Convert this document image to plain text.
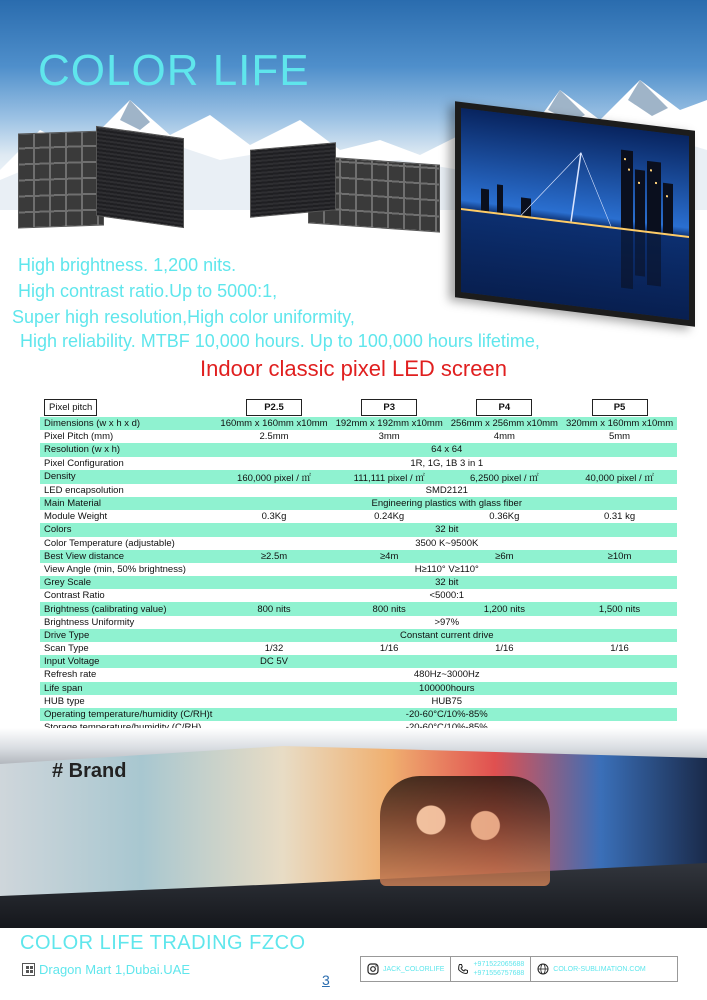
COLOR LIFE
High brightness. 1,200 nits.
High contrast ratio.Up to 5000:1,
Super high resolution,High color uniformity,
High reliability. MTBF 10,000 hours. Up to 100,000 hours lifetime,
Indoor classic pixel LED screen
Pixel pitch	P2.5	P3	P4	P5
Dimensions (w x h x d)	160mm x 160mm x10mm	192mm x 192mm x10mm	256mm x 256mm x10mm	320mm x 160mm x10mm
Pixel Pitch (mm)	2.5mm	3mm	4mm	5mm
Resolution (w x h)	64 x 64			
Pixel Configuration	1R, 1G, 1B 3 in 1			
Density	160,000 pixel / ㎡	111,111 pixel / ㎡	6,2500 pixel / ㎡	40,000 pixel / ㎡
LED encapsolution	SMD2121			
Main Material	Engineering plastics with glass fiber			
Module Weight	0.3Kg	0.24Kg	0.36Kg	0.31 kg
Colors	32 bit			
Color Temperature (adjustable)	3500 K~9500K			
Best View distance	≥2.5m	≥4m	≥6m	≥10m
View Angle (min, 50% brightness)	H≥110° V≥110°			
Grey Scale	32 bit			
Contrast Ratio	<5000:1			
Brightness (calibrating value)	800 nits	800 nits	1,200 nits	1,500 nits
Brightness Uniformity	>97%			
Drive Type	Constant current drive			
Scan Type	1/32	1/16	1/16	1/16
Input Voltage	DC 5V			
Refresh rate	480Hz~3000Hz			
Life span	100000hours			
HUB type	HUB75			
Operating temperature/humidity (C/RH)t	-20-60°C/10%-85%			

# Brand
COLOR LIFE TRADING FZCO
Dragon Mart 1,Dubai.UAE
3
JACK_COLORLIFE
+971522065688
+971556757688
COLOR-SUBLIMATION.COM
